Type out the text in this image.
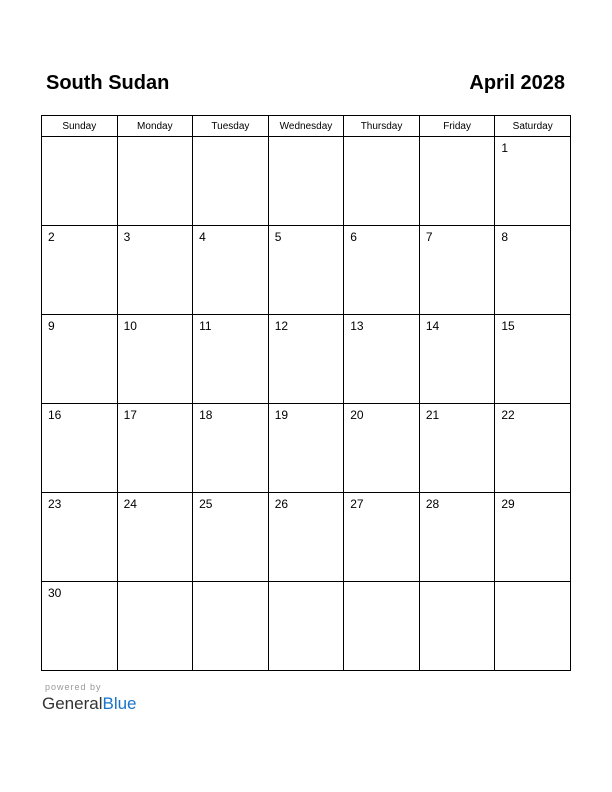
South Sudan	April 2028
Sunday	Monday	Tuesday	Wednesday	Thursday	Friday	Saturday

						1

2	3	4	5	6	7	8

9	10	11	12	13	14	15

16	17	18	19	20	21	22

23	24	25	26	27	28	29

30						

powered by
GeneralBlue
